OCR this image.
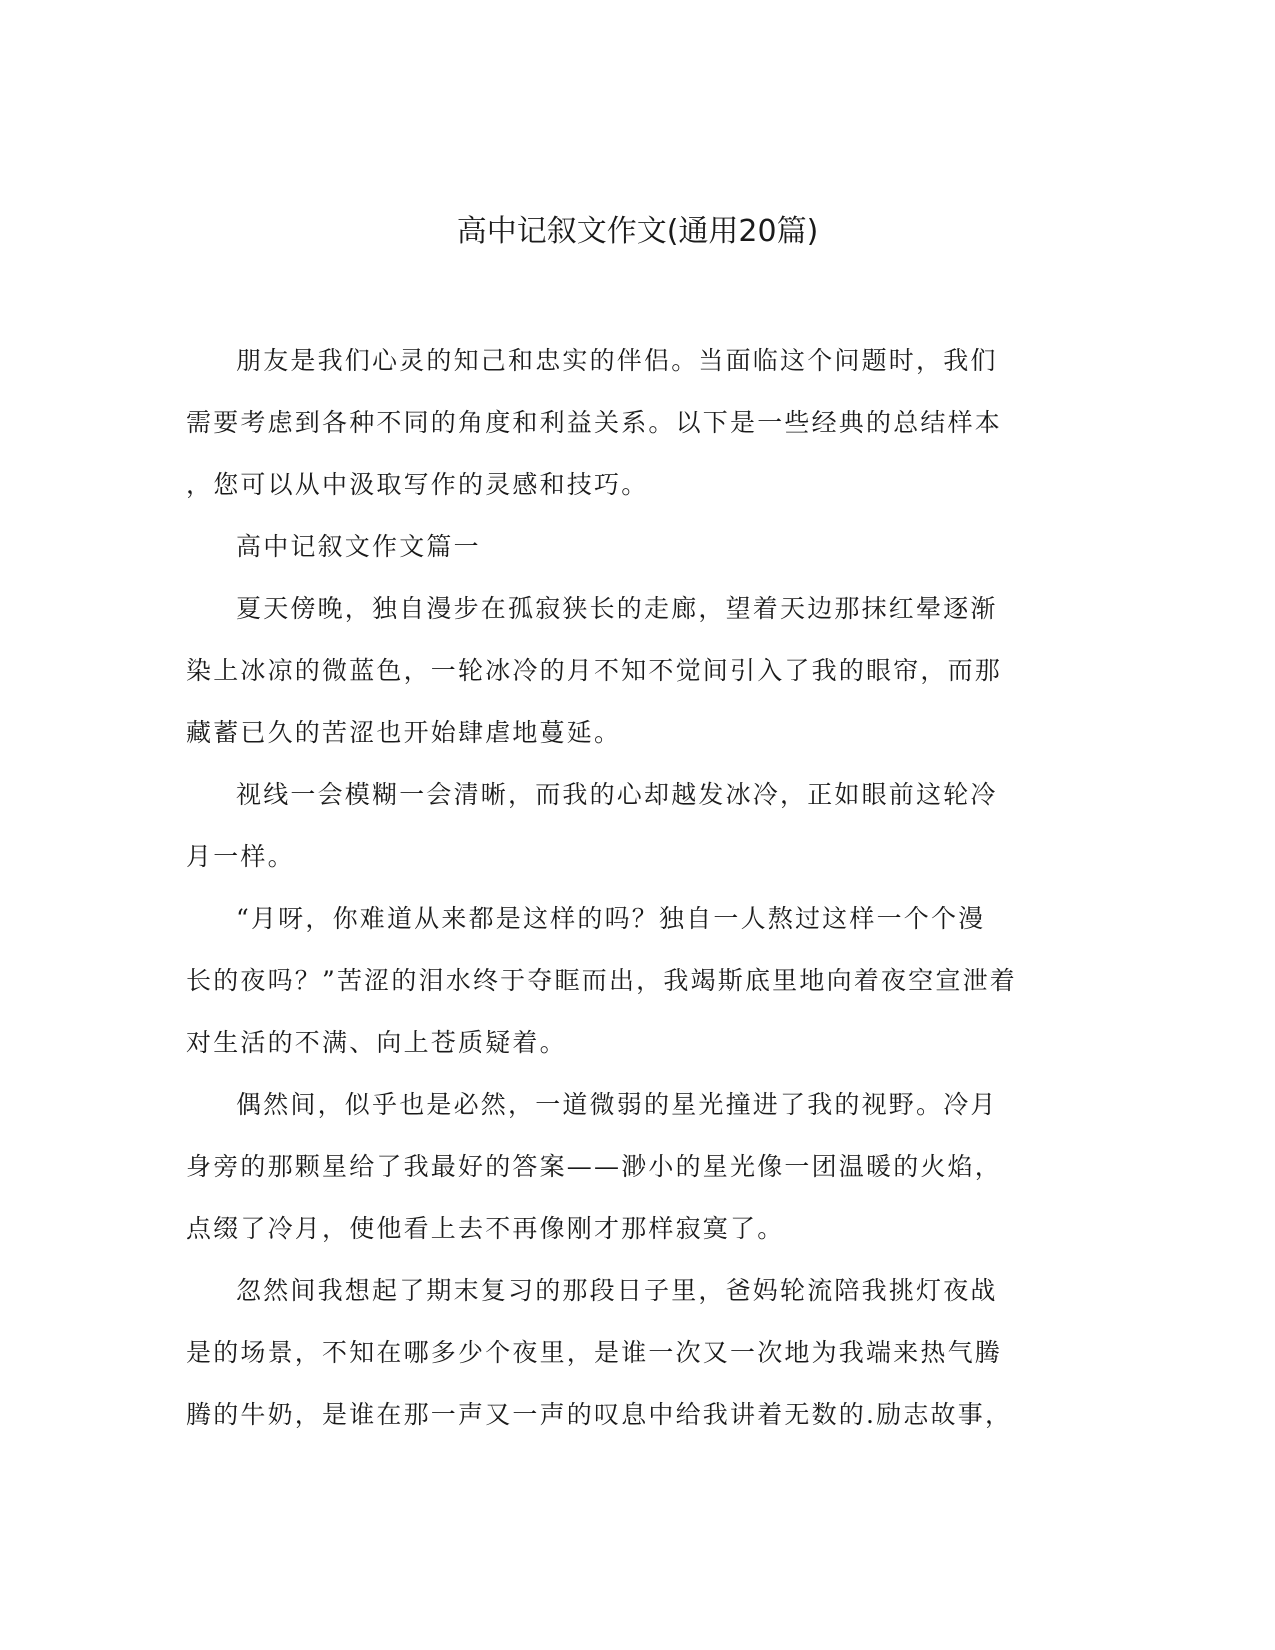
高中记叙文作文(通用20篇)

朋友是我们心灵的知己和忠实的伴侣。当面临这个问题时，我们
需要考虑到各种不同的角度和利益关系。以下是一些经典的总结样本
，您可以从中汲取写作的灵感和技巧。

高中记叙文作文篇一

夏天傍晚，独自漫步在孤寂狭长的走廊，望着天边那抹红晕逐渐
染上冰凉的微蓝色，一轮冰冷的月不知不觉间引入了我的眼帘，而那
藏蓄已久的苦涩也开始肆虐地蔓延。

视线一会模糊一会清晰，而我的心却越发冰冷，正如眼前这轮冷
月一样。

“月呀，你难道从来都是这样的吗？独自一人熬过这样一个个漫
长的夜吗？”苦涩的泪水终于夺眶而出，我竭斯底里地向着夜空宣泄着
对生活的不满、向上苍质疑着。

偶然间，似乎也是必然，一道微弱的星光撞进了我的视野。冷月
身旁的那颗星给了我最好的答案——渺小的星光像一团温暖的火焰，
点缀了冷月，使他看上去不再像刚才那样寂寞了。

忽然间我想起了期末复习的那段日子里，爸妈轮流陪我挑灯夜战
是的场景，不知在哪多少个夜里，是谁一次又一次地为我端来热气腾
腾的牛奶，是谁在那一声又一声的叹息中给我讲着无数的.励志故事，
